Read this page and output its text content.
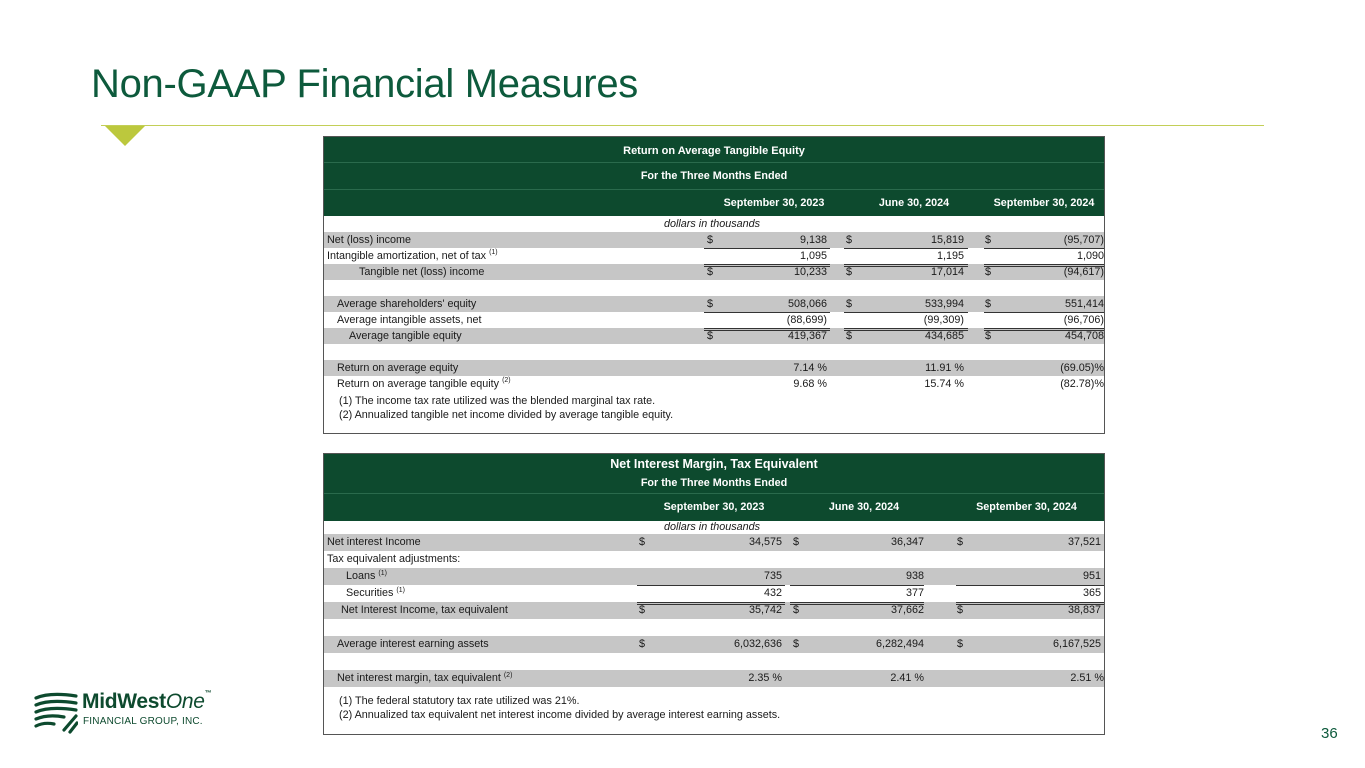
Non-GAAP Financial Measures
Return on Average Tangible Equity
For the Three Months Ended
September 30, 2023	June 30, 2024	September 30, 2024
dollars in thousands
Net (loss) income	$	9,138 $	15,819 $	(95,707)
Intangible amortization, net of tax $^{(1)}$	1,095	1,195	1,090
Tangible net (loss) income	$	10,233 $	17,014 $	(94,617)
Average shareholders' equity	$	508,066 $	533,994 $	551,414
Average intangible assets, net	(88,699)	(99,309)	(96,706)
Average tangible equity	$	419,367 $	434,685 $	454,708
Return on average equity	7.14 %	11.91 %	(69.05)%
Return on average tangible equity $^{(2)}$	9.68 %	15.74 %	(82.78)%
(1) The income tax rate utilized was the blended marginal tax rate.
(2) Annualized tangible net income divided by average tangible equity.
Net Interest Margin, Tax Equivalent
For the Three Months Ended
September 30, 2023	June 30, 2024	September 30, 2024
dollars in thousands
Net interest Income	$	34,575 $	36,347	$	37,521
Tax equivalent adjustments:
Loans $^{(1)}$	735	938	951
Securities $^{(1)}$	432	377	365
Net Interest Income, tax equivalent	$	35,742 $	37,662	$	38,837
Average interest earning assets	$	6,032,636 $	6,282,494	$	6,167,525
Net interest margin, tax equivalent $^{(2)}$	2.35 %	2.41 %	2.51 %
(1) The federal statutory tax rate utilized was 21%.
(2) Annualized tax equivalent net interest income divided by average interest earning assets.
MidWestOne™
FINANCIAL GROUP, INC.
36
